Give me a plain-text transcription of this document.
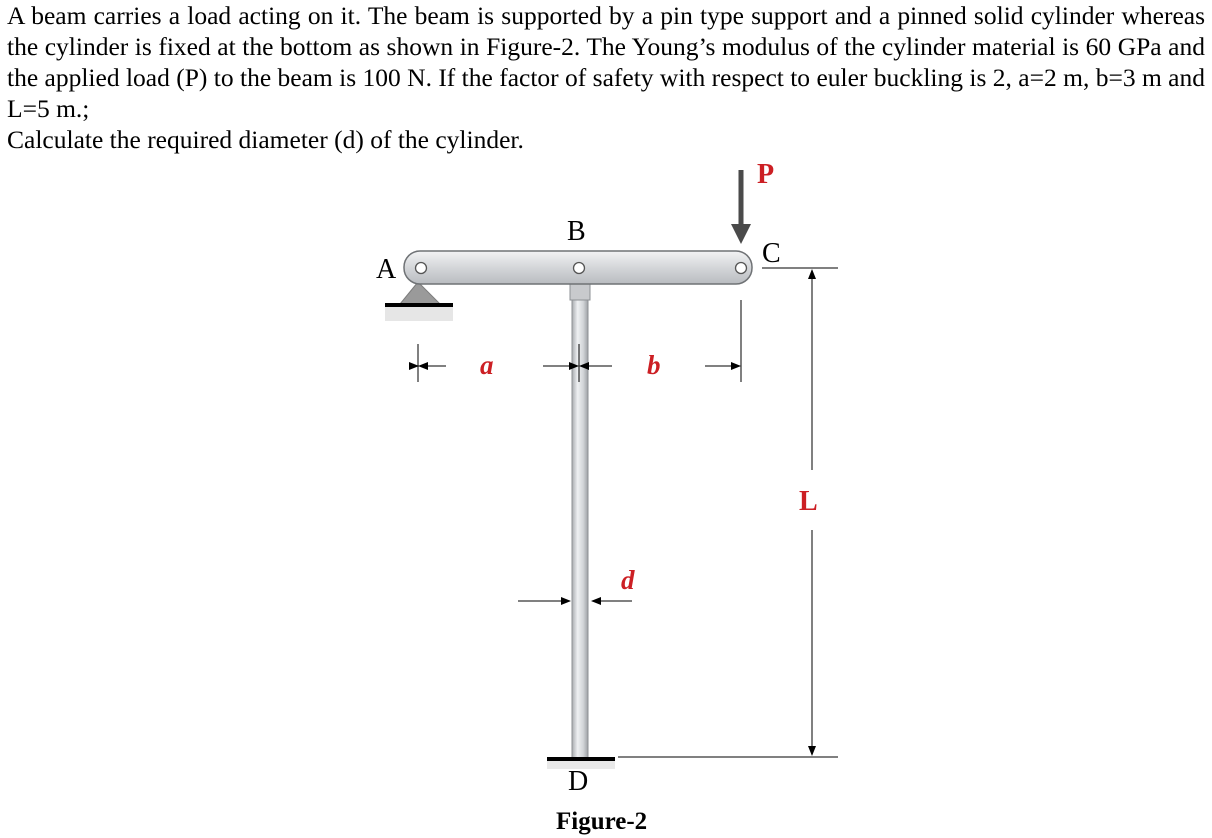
A beam carries a load acting on it. The beam is supported by a pin type support and a pinned solid cylinder whereas the cylinder is fixed at the bottom as shown in Figure-2. The Young’s modulus of the cylinder material is 60 GPa and the applied load (P) to the beam is 100 N. If the factor of safety with respect to euler buckling is 2, a=2 m, b=3 m and L=5 m.;

Calculate the required diameter (d) of the cylinder.

A
B
C
D
P
a	b
L
d
Figure-2
